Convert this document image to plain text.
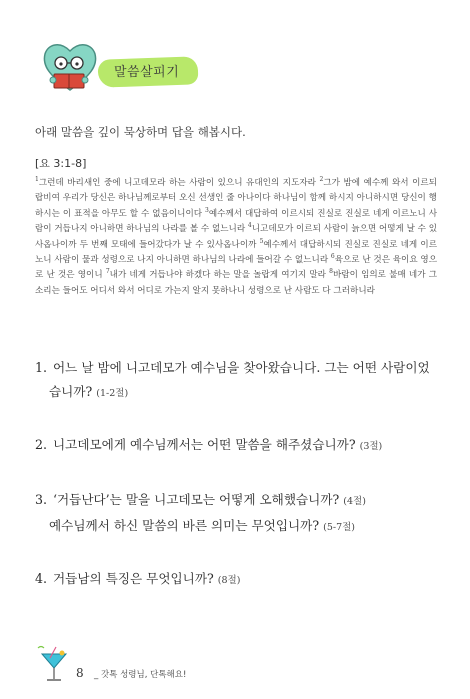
말씀살피기
아래 말씀을 깊이 묵상하며 답을 해봅시다.
[요 3:1-8]
$^1$그런데 바리새인 중에 니고데모라 하는 사람이 있으니 유대인의 지도자라 $^2$그가 밤에 예수께 와서 이르되 랍비여 우리가 당신은 하나님께로부터 오신 선생인 줄 아나이다 하나님이 함께 하시지 아니하시면 당신이 행하시는 이 표적을 아무도 할 수 없음이니이다 $^3$예수께서 대답하여 이르시되 진실로 진실로 네게 이르노니 사람이 거듭나지 아니하면 하나님의 나라를 볼 수 없느니라 $^4$니고데모가 이르되 사람이 늙으면 어떻게 날 수 있사옵나이까 두 번째 모태에 들어갔다가 날 수 있사옵나이까 $^5$예수께서 대답하시되 진실로 진실로 네게 이르노니 사람이 물과 성령으로 나지 아니하면 하나님의 나라에 들어갈 수 없느니라 $^6$육으로 난 것은 육이요 영으로 난 것은 영이니 $^7$내가 네게 거듭나야 하겠다 하는 말을 놀랍게 여기지 말라 $^8$바람이 임의로 불매 네가 그 소리는 들어도 어디서 와서 어디로 가는지 알지 못하나니 성령으로 난 사람도 다 그러하니라
1. 어느 날 밤에 니고데모가 예수님을 찾아왔습니다. 그는 어떤 사람이었
습니까? (1-2절)
2. 니고데모에게 예수님께서는 어떤 말씀을 해주셨습니까? (3절)
3. ‘거듭난다’는 말을 니고데모는 어떻게 오해했습니까? (4절)
예수님께서 하신 말씀의 바른 의미는 무엇입니까? (5-7절)
4. 거듭남의 특징은 무엇입니까? (8절)
8 _ 갓톡 성령님, 단톡해요!
